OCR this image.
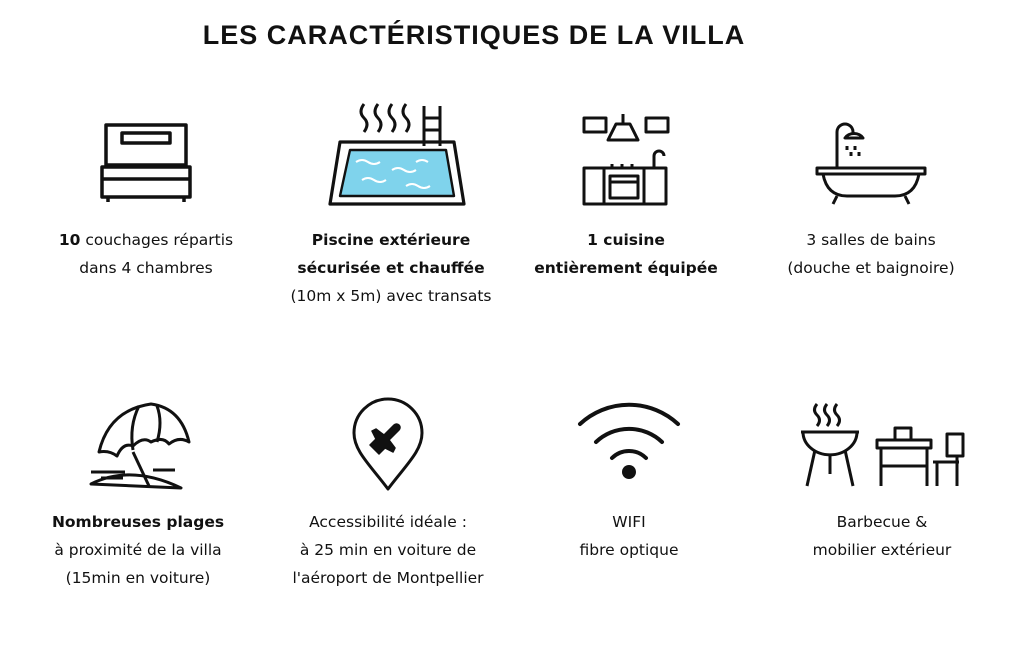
LES CARACTÉRISTIQUES DE LA VILLA
10 couchages répartis
dans 4 chambres
Piscine extérieure
sécurisée et chauffée
(10m x 5m) avec transats
1 cuisine
entièrement équipée
3 salles de bains
(douche et baignoire)
Nombreuses plages
à proximité de la villa
(15min en voiture)
Accessibilité idéale :
à 25 min en voiture de
l'aéroport de Montpellier
WIFI
fibre optique
Barbecue &
mobilier extérieur
